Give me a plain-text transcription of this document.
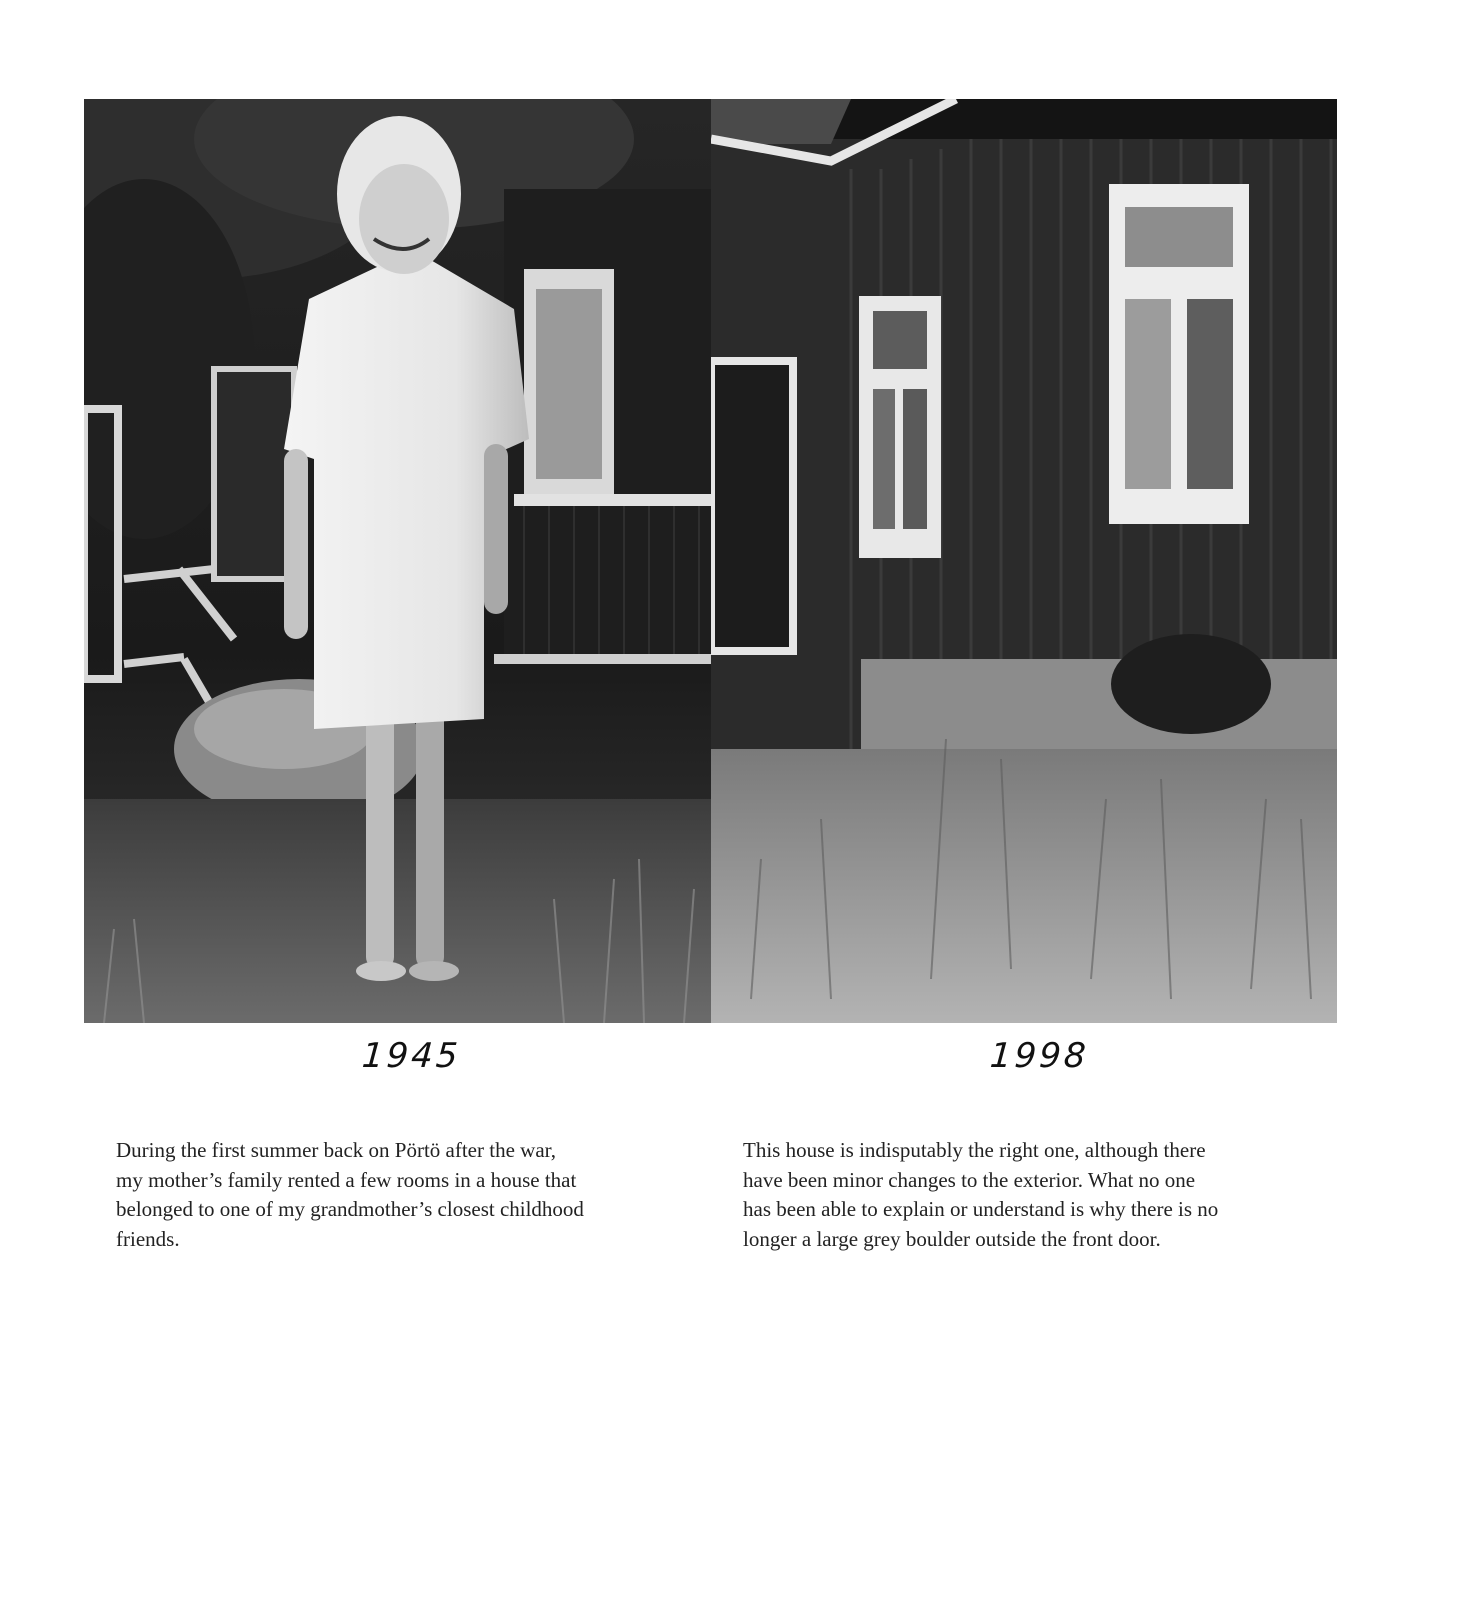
1945	1998
During the first summer back on Pörtö after the war,
my mother’s family rented a few rooms in a house that
belonged to one of my grandmother’s closest childhood
friends.
This house is indisputably the right one, although there
have been minor changes to the exterior. What no one
has been able to explain or understand is why there is no
longer a large grey boulder outside the front door.
